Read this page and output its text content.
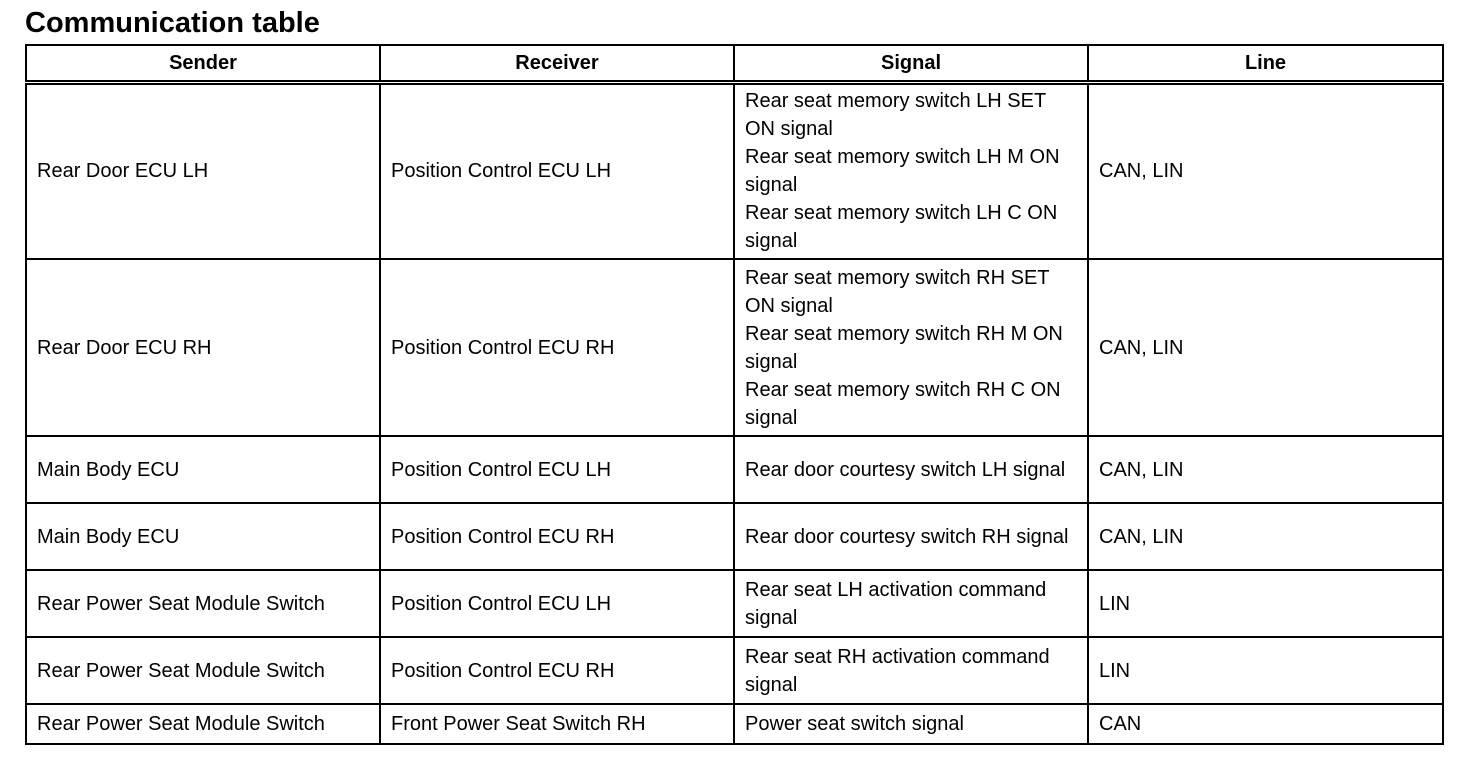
Communication table
Sender	Receiver	Signal	Line
Rear Door ECU LH	Position Control ECU LH	Rear seat memory switch LH SET ON signal
Rear seat memory switch LH M ON signal
Rear seat memory switch LH C ON signal	CAN, LIN
Rear Door ECU RH	Position Control ECU RH	Rear seat memory switch RH SET ON signal
Rear seat memory switch RH M ON signal
Rear seat memory switch RH C ON signal	CAN, LIN
Main Body ECU	Position Control ECU LH	Rear door courtesy switch LH signal	CAN, LIN
Main Body ECU	Position Control ECU RH	Rear door courtesy switch RH signal	CAN, LIN
Rear Power Seat Module Switch	Position Control ECU LH	Rear seat LH activation command signal	LIN
Rear Power Seat Module Switch	Position Control ECU RH	Rear seat RH activation command signal	LIN
Rear Power Seat Module Switch	Front Power Seat Switch RH	Power seat switch signal	CAN
